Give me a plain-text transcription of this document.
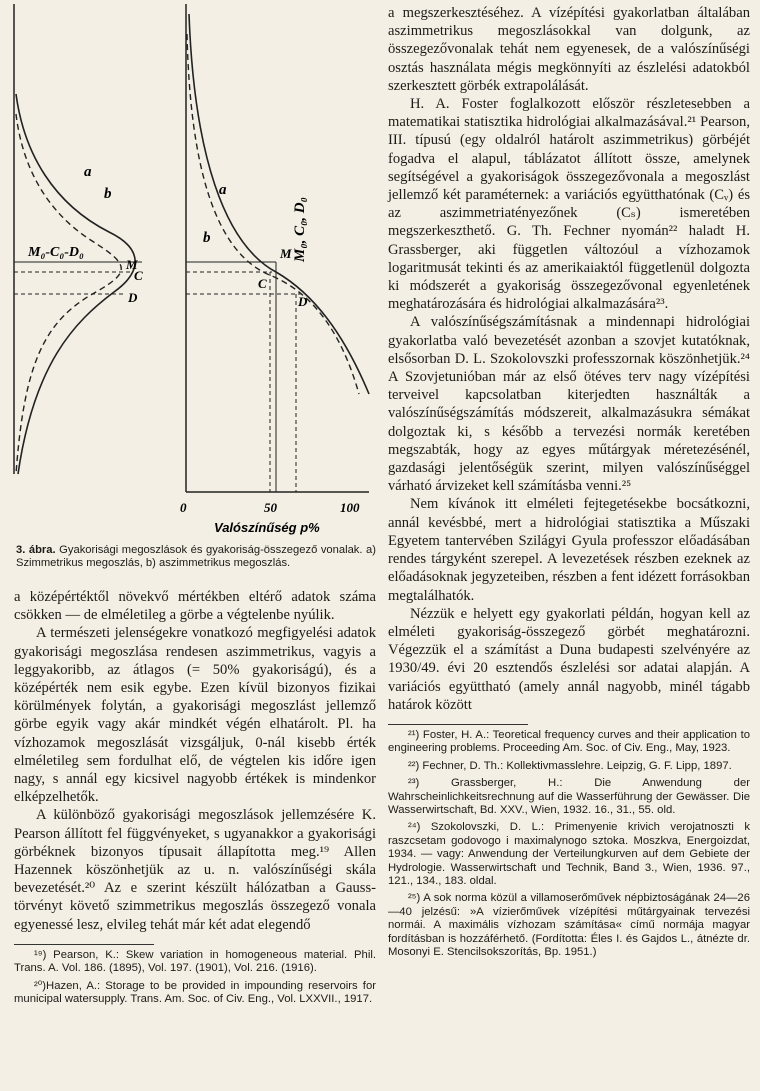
a
b
M₀-C₀-D₀
M
C
D
a
b	M₀, C₀, D₀
M
C
D
0	50	100
Valószínűség p%
3. ábra. Gyakorisági megoszlások és gyakoriság-összegező vonalak. a) Szimmetrikus megoszlás, b) aszimmetrikus megoszlás.

a középértéktől növekvő mértékben eltérő adatok száma csökken — de elméletileg a görbe a végtelenbe nyúlik.

A természeti jelenségekre vonatkozó megfigyelési adatok gyakorisági megoszlása rendesen aszimmetrikus, vagyis a leggyakoribb, az átlagos (= 50% gyakoriságú), és a középérték nem esik egybe. Ezen kívül bizonyos fizikai körülmények folytán, a gyakorisági megoszlást jellemző görbe egyik vagy akár mindkét végén elhatárolt. Pl. ha vízhozamok megoszlását vizsgáljuk, 0-nál kisebb érték elméletileg sem fordulhat elő, de végtelen kis időre igen nagy, s annál egy kicsivel nagyobb értékek is mindenkor elképzelhetők.

A különböző gyakorisági megoszlások jellemzésére K. Pearson állított fel függvényeket, s ugyanakkor a gyakorisági görbéknek bizonyos típusait állapította meg.¹⁹ Allen Hazennek köszönhetjük az u. n. valószínűségi skála bevezetését.²⁰ Az e szerint készült hálózatban a Gauss-törvényt követő szimmetrikus megoszlás összegező vonala egyenessé lesz, elvileg tehát már két adat elegendő

¹⁹) Pearson, K.: Skew variation in homogeneous material. Phil. Trans. A. Vol. 186. (1895), Vol. 197. (1901), Vol. 216. (1916).
²⁰)Hazen, A.: Storage to be provided in impounding reservoirs for municipal watersupply. Trans. Am. Soc. of Civ. Eng., Vol. LXXVII., 1917.

a megszerkesztéséhez. A vízépítési gyakorlatban általában aszimmetrikus megoszlásokkal van dolgunk, az összegezővonalak tehát nem egyenesek, de a valószínűségi osztás használata mégis megkönnyíti az észlelési adatokból szerkesztett görbék extrapolálását.

H. A. Foster foglalkozott először részletesebben a matematikai statisztika hidrológiai alkalmazásával.²¹ Pearson, III. típusú (egy oldalról határolt aszimmetrikus) görbéjét fogadva el alapul, táblázatot állított össze, amelynek segítségével a gyakoriságok összegezővonala a megoszlást jellemző két paraméternek: a variációs együtthatónak (Cᵥ) és az aszimmetriatényezőnek (Cₛ) ismeretében megszerkeszthető. G. Th. Fechner nyomán²² haladt H. Grassberger, aki független változóul a vízhozamok logaritmusát tekinti és az amerikaiaktól függetlenül dolgozta ki módszerét a gyakoriság összegezővonal egyenletének meghatározására és hidrológiai alkalmazására²³.

A valószínűségszámításnak a mindennapi hidrológiai gyakorlatba való bevezetését azonban a szovjet kutatóknak, elsősorban D. L. Szokolovszki professzornak köszönhetjük.²⁴ A Szovjetunióban már az első ötéves terv nagy vízépítési terveivel kapcsolatban kiterjedten használták a valószínűségszámítás módszereit, alkalmazásukra sémákat dolgoztak ki, s később a tervezési normák keretében megszabták, hogy az egyes műtárgyak méretezésénél, gazdasági jelentőségük szerint, milyen valószínűséggel várható árvizeket kell számításba venni.²⁵

Nem kívánok itt elméleti fejtegetésekbe bocsátkozni, annál kevésbbé, mert a hidrológiai statisztika a Műszaki Egyetem tantervében Szilágyi Gyula professzor előadásában rendes tárgyként szerepel. A levezetések részben ezeknek az előadásoknak jegyzeteiben, részben a fent idézett forrásokban megtalálhatók.

Nézzük e helyett egy gyakorlati példán, hogyan kell az elméleti gyakoriság-összegező görbét meghatározni. Végezzük el a számítást a Duna budapesti szelvényére az 1930/49. évi 20 esztendős észlelési sor adatai alapján. A variációs együttható (amely annál nagyobb, minél tágabb határok között

²¹) Foster, H. A.: Teoretical frequency curves and their application to engineering problems. Proceeding Am. Soc. of Civ. Eng., May, 1923.
²²) Fechner, D. Th.: Kollektivmasslehre. Leipzig, G. F. Lipp, 1897.
²³) Grassberger, H.: Die Anwendung der Wahrscheinlichkeitsrechnung auf die Wasserführung der Gewässer. Die Wasserwirtschaft, Bd. XXV., Wien, 1932. 16., 31., 55. old.
²⁴) Szokolovszki, D. L.: Primenyenie krivich verojatnoszti k raszcsetam godovogo i maximalynogo sztoka. Moszkva, Energoizdat, 1934. — vagy: Anwendung der Verteilungkurven auf dem Gebiete der Hydrologie. Wasserwirtschaft und Technik, Band 3., Wien, 1936. 97., 121., 134., 183. oldal.
²⁵) A sok normа közül a villamoserőművek népbiztoságának 24—26—40 jelzésű: »A vízierőművek vízépítési műtárgyainak tervezési normái. A maximális vízhozam számítása« című normája magyar fordításban is hozzáférhető. (Fordította: Éles I. és Gajdos L., átnézte dr. Mosonyi E. Stencilsokszorítás, Bp. 1951.)
